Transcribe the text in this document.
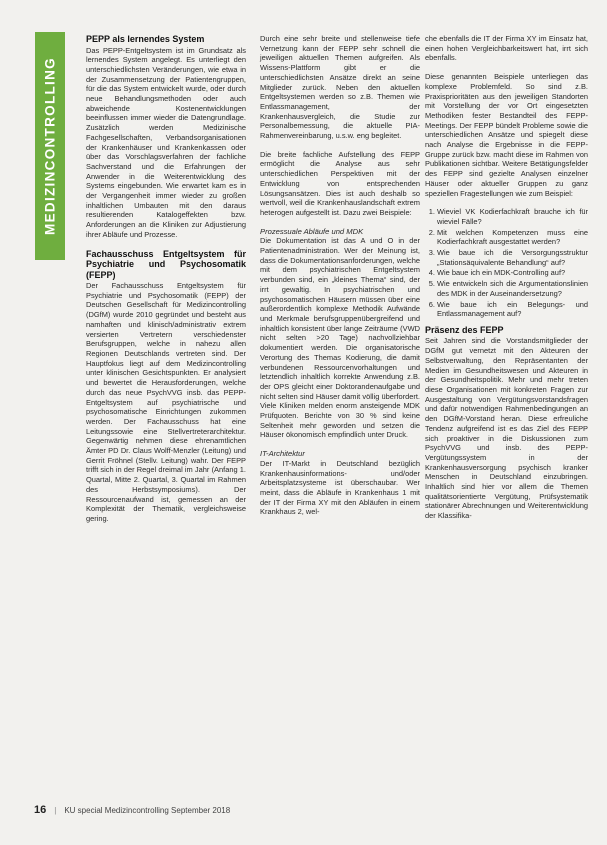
MEDIZINCONTROLLING
PEPP als lernendes System

Das PEPP-Entgeltsystem ist im Grundsatz als lernendes System angelegt. Es unterliegt den unterschiedlichsten Veränderungen, wie etwa in der Zusammensetzung der Patientengruppen, für die das System entwickelt wurde, oder durch neue Behandlungsmethoden oder auch abweichende Kostenentwicklungen beeinflussen immer wieder die Datengrundlage. Zusätzlich werden Medizinische Fachgesellschaften, Verbandsorganisationen der Krankenhäuser und Krankenkassen oder über das Vorschlagsverfahren der fachliche Sachverstand und die Erfahrungen der Anwender in die Weiterentwicklung des Systems eingebunden. Wie erwartet kam es in der Vergangenheit immer wieder zu großen inhaltlichen Umbauten mit den daraus resultierenden Katalogeffekten bzw. Anforderungen an die Kliniken zur Adjustierung ihrer Abläufe und Prozesse.

Fachausschuss Entgeltsystem für Psychiatrie und Psychosomatik (FEPP)

Der Fachausschuss Entgeltsystem für Psychiatrie und Psychosomatik (FEPP) der Deutschen Gesellschaft für Medizincontrolling (DGfM) wurde 2010 gegründet und besteht aus namhaften und klinisch/administrativ extrem versierten Vertretern verschiedenster Berufsgruppen, welche in nahezu allen Regionen Deutschlands vertreten sind. Der Hauptfokus liegt auf dem Medizincontrolling unter klinischen Gesichtspunkten. Er analysiert und bewertet die Herausforderungen, welche durch das neue PsychVVG insb. das PEPP-Entgeltsystem auf psychiatrische und psychosomatische Einrichtungen zukommen werden. Der Fachausschuss hat eine Leitungssowie eine Stellvertreterarchitektur. Gegenwärtig nehmen diese ehrenamtlichen Ämter PD Dr. Claus Wolff-Menzler (Leitung) und Gerrit Fröhnel (Stellv. Leitung) wahr. Der FEPP trifft sich in der Regel dreimal im Jahr (Anfang 1. Quartal, Mitte 2. Quartal, 3. Quartal im Rahmen des Herbstsymposiums). Der Ressourcenaufwand ist, gemessen an der Komplexität der Thematik, vergleichsweise gering.

Durch eine sehr breite und stellenweise tiefe Vernetzung kann der FEPP sehr schnell die jeweiligen aktuellen Themen aufgreifen. Als Wissens-Plattform gibt er die unterschiedlichsten Ansätze direkt an seine Mitglieder zurück. Neben den aktuellen Entgeltsystemen werden so z.B. Themen wie Entlassmanagement, der Krankenhausvergleich, die Studie zur Personalbemessung, die aktuelle PIA-Rahmenvereinbarung, u.s.w. eng begleitet.

Die breite fachliche Aufstellung des FEPP ermöglicht die Analyse aus sehr unterschiedlichen Perspektiven mit der Entwicklung von entsprechenden Lösungsansätzen. Dies ist auch deshalb so wertvoll, weil die Krankenhauslandschaft extrem heterogen aufgestellt ist. Dazu zwei Beispiele:

Prozessuale Abläufe und MDK

Die Dokumentation ist das A und O in der Patientenadministration. Wer der Meinung ist, dass die Dokumentationsanforderungen, welche mit dem psychiatrischen Entgeltsystem verbunden sind, ein „kleines Thema“ sind, der irrt gewaltig. In psychiatrischen und psychosomatischen Häusern müssen über eine außerordentlich komplexe Methodik Aufwände und Merkmale berufsgruppenübergreifend und inhaltlich konsistent über lange Zeiträume (VWD nicht selten >20 Tage) nachvollziehbar dokumentiert werden. Die organisatorische Verortung des Themas Kodierung, die damit verbundenen Ressourcenvorhaltungen und letztendlich inhaltlich korrekte Anwendung z.B. der OPS gleicht einer Doktorandenaufgabe und nicht selten sind Häuser damit völlig überfordert. Viele Kliniken melden enorm ansteigende MDK Prüfquoten. Berichte von 30 % sind keine Seltenheit mehr geworden und setzen die Häuser ökonomisch empfindlich unter Druck.

IT-Architektur

Der IT-Markt in Deutschland bezüglich Krankenhausinformations- und/oder Arbeitsplatzsysteme ist überschaubar. Wer meint, dass die Abläufe in Krankenhaus 1 mit der IT der Firma XY mit den Abläufen in einem Krankhaus 2, wel-

che ebenfalls die IT der Firma XY im Einsatz hat, einen hohen Vergleichbarkeitswert hat, irrt sich ebenfalls.

Diese genannten Beispiele unterliegen das komplexe Problemfeld. So sind z.B. Praxisprioritäten aus den jeweiligen Standorten mit Vorstellung der vor Ort eingesetzten Methodiken fester Bestandteil des FEPP-Meetings. Der FEPP bündelt Probleme sowie die unterschiedlichen Ansätze und spiegelt diese nach Analyse die Ergebnisse in die FEPP-Gruppe zurück bzw. macht diese im Rahmen von Publikationen sichtbar. Weitere Betätigungsfelder des FEPP sind gezielte Analysen einzelner Häuser oder aktueller Gruppen zu ganz speziellen Fragestellungen wie zum Beispiel:

1. Wieviel VK Kodierfachkraft brauche ich für wieviel Fälle?
2. Mit welchen Kompetenzen muss eine Kodierfachkraft ausgestattet werden?
3. Wie baue ich die Versorgungsstruktur „Stationsäquivalente Behandlung“ auf?
4. Wie baue ich ein MDK-Controlling auf?
5. Wie entwickeln sich die Argumentationslinien des MDK in der Auseinandersetzung?
6. Wie baue ich ein Belegungs- und Entlassmanagement auf?
Präsenz des FEPP

Seit Jahren sind die Vorstandsmitglieder der DGfM gut vernetzt mit den Akteuren der Selbstverwaltung, den Repräsentanten der Medien im Gesundheitswesen und Akteuren in der Gesundheitspolitik. Mehr und mehr treten diese Organisationen mit konkreten Fragen zur Ausgestaltung von Vergütungsvorstandsfragen und dafür notwendigen Rahmenbedingungen an den DGfM-Vorstand heran. Diese erfreuliche Tendenz aufgreifend ist es das Ziel des FEPP sich proaktiver in die Diskussionen zum PsychVVG und insb. des PEPP-Vergütungssystem in der Krankenhausversorgung psychisch kranker Menschen in Deutschland einzubringen. Inhaltlich sind hier vor allem die Themen qualitätsorientierte Vergütung, Prüfsystematik stationärer Abrechnungen und Weiterentwicklung der Klassifika-

16 | KU special Medizincontrolling September 2018
